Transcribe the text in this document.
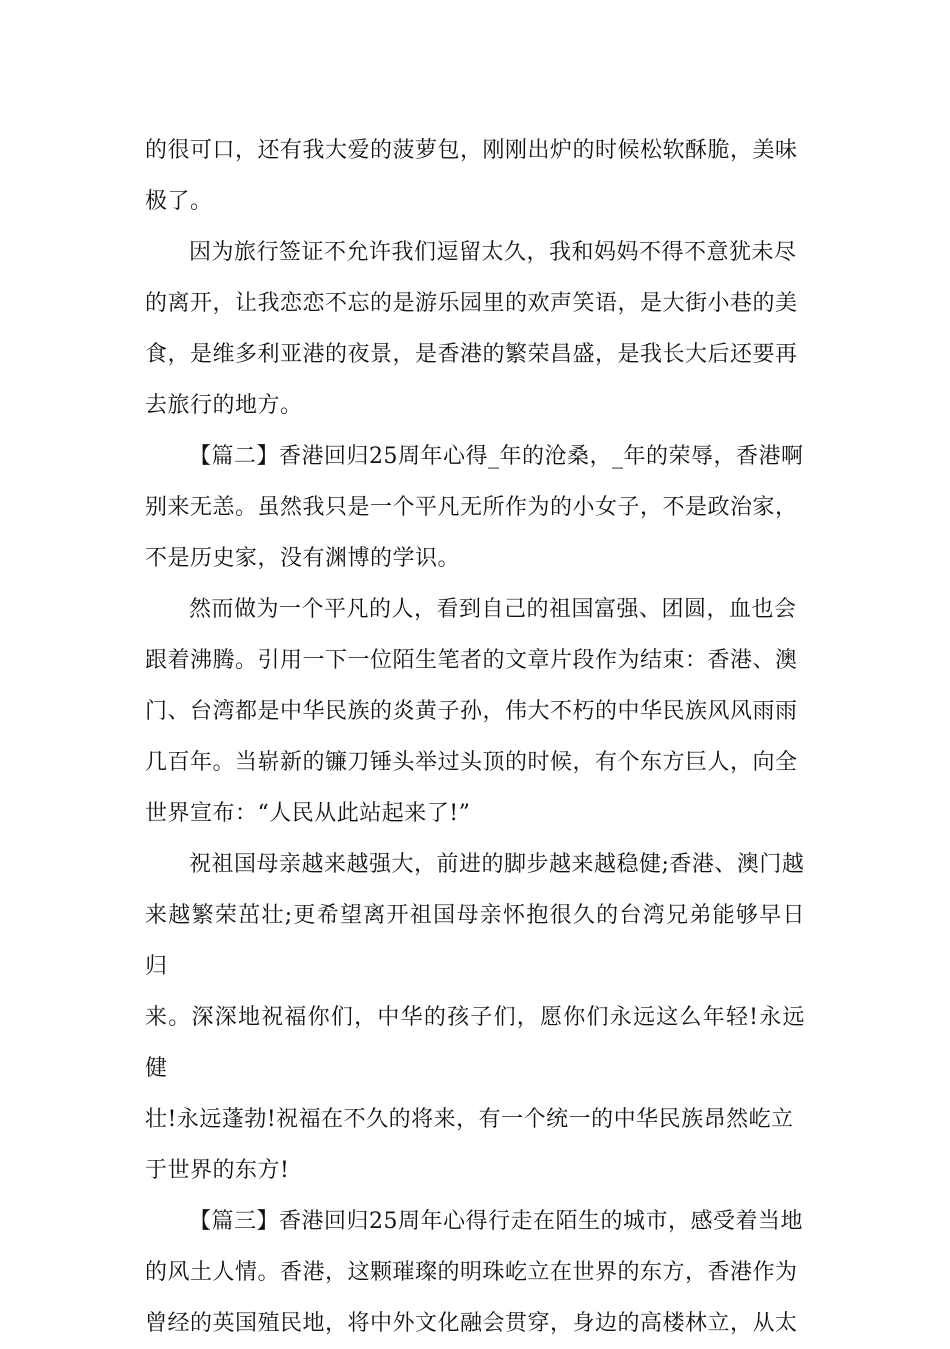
的很可口，还有我大爱的菠萝包，刚刚出炉的时候松软酥脆，美味
极了。

因为旅行签证不允许我们逗留太久，我和妈妈不得不意犹未尽
的离开，让我恋恋不忘的是游乐园里的欢声笑语，是大街小巷的美
食，是维多利亚港的夜景，是香港的繁荣昌盛，是我长大后还要再
去旅行的地方。

【篇二】香港回归25周年心得_年的沧桑，_年的荣辱，香港啊
别来无恙。虽然我只是一个平凡无所作为的小女子，不是政治家，
不是历史家，没有渊博的学识。

然而做为一个平凡的人，看到自己的祖国富强、团圆，血也会
跟着沸腾。引用一下一位陌生笔者的文章片段作为结束：香港、澳
门、台湾都是中华民族的炎黄子孙，伟大不朽的中华民族风风雨雨
几百年。当崭新的镰刀锤头举过头顶的时候，有个东方巨人，向全
世界宣布：“人民从此站起来了!”

祝祖国母亲越来越强大，前进的脚步越来越稳健;香港、澳门越
来越繁荣茁壮;更希望离开祖国母亲怀抱很久的台湾兄弟能够早日归
来。深深地祝福你们，中华的孩子们，愿你们永远这么年轻!永远健
壮!永远蓬勃!祝福在不久的将来，有一个统一的中华民族昂然屹立
于世界的东方!

【篇三】香港回归25周年心得行走在陌生的城市，感受着当地
的风土人情。香港，这颗璀璨的明珠屹立在世界的东方，香港作为
曾经的英国殖民地，将中外文化融会贯穿，身边的高楼林立，从太
